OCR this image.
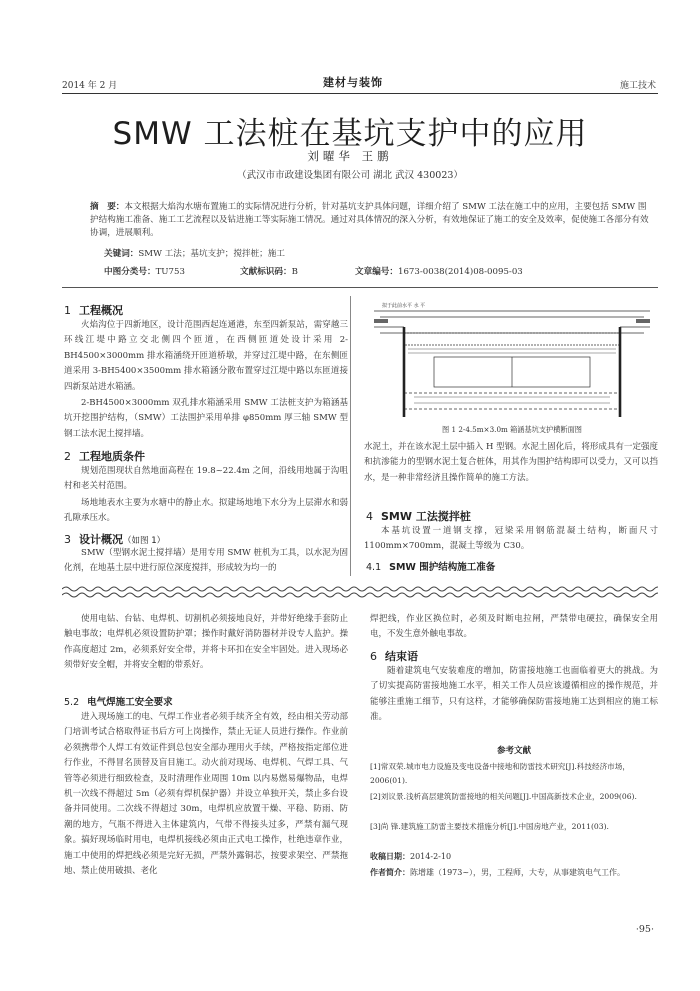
2014 年 2 月	建材与装饰	施工技术
SMW 工法桩在基坑支护中的应用
刘曜华 王鹏
（武汉市市政建设集团有限公司 湖北 武汉 430023）
摘　要：本文根据大焰沟水塘布置施工的实际情况进行分析，针对基坑支护具体问题，详细介绍了 SMW 工法在施工中的应用，主要包括 SMW 围护结构施工准备、施工工艺流程以及钻进施工等实际施工情况。通过对具体情况的深入分析，有效地保证了施工的安全及效率，促使施工各部分有效协调，进展顺利。
关键词：SMW 工法；基坑支护；搅拌桩；施工
中图分类号：TU753	文献标识码：B	文章编号：1673-0038(2014)08-0095-03
1 工程概况
火焰沟位于四新地区，设计范围西起连通港，东至四新泵站，需穿越三环线江堤中路立交北侧四个匝道，在西侧匝道处设计采用 2-BH4500×3000mm 排水箱涵绕开匝道桥墩，并穿过江堤中路，在东侧匝道采用 3-BH5400×3500mm 排水箱涵分散布置穿过江堤中路以东匝道接四新泵站进水箱涵。
2-BH4500×3000mm 双孔排水箱涵采用 SMW 工法桩支护为箱涵基坑开挖围护结构，（SMW）工法围护采用单排 φ850mm 厚三轴 SMW 型钢工法水泥土搅拌墙。
2 工程地质条件
规划范围现状自然地面高程在 19.8~22.4m 之间，沿线用地属于沟咀村和老关村范围。
场地地表水主要为水塘中的静止水。拟建场地地下水分为上层滞水和弱孔隙承压水。
3 设计概况（如图 1）
SMW（型钢水泥土搅拌墙）是用专用 SMW 桩机为工具，以水泥为固化剂，在地基土层中进行原位深度搅拌，形成较为均一的
拟于此前水平 水 平
图 1 2-4.5m×3.0m 箱涵基坑支护横断面图
水泥土，并在该水泥土层中插入 H 型钢。水泥土固化后，将形成具有一定强度和抗渗能力的型钢水泥土复合桩体，用其作为围护结构即可以受力，又可以挡水，是一种非常经济且操作简单的施工方法。
4 SMW 工法搅拌桩
本基坑设置一道钢支撑，冠梁采用钢筋混凝土结构，断面尺寸 1100mm×700mm，混凝土等级为 C30。
4.1 SMW 围护结构施工准备
使用电钻、台钻、电焊机、切割机必须接地良好，并带好绝缘手套防止触电事故；电焊机必须设置防护罩；操作时戴好消防器材并设专人监护。操作高度超过 2m，必须系好安全带，并将卡环扣在安全牢固处。进入现场必须带好安全帽，并将安全帽的带系好。
5.2 电气焊施工安全要求
进入现场施工的电、气焊工作业者必须手续齐全有效，经由相关劳动部门培训考试合格取得证书后方可上岗操作，禁止无证人员进行操作。作业前必须携带个人焊工有效证件到总包安全部办理用火手续，严格按指定部位进行作业，不得冒名顶替及盲目施工。动火前对现场、电焊机、气焊工具、气管等必须进行细致检查，及时清理作业周围 10m 以内易燃易爆物品，电焊机一次线不得超过 5m（必须有焊机保护器）并设立单独开关，禁止多台设备并同使用。二次线不得超过 30m，电焊机应放置干燥、平稳、防雨、防潮的地方，气瓶不得进入主体建筑内，气带不得接头过多，严禁有漏气现象。搞好现场临时用电，电焊机接线必须由正式电工操作，杜绝违章作业，施工中使用的焊把线必须是完好无损，严禁外露铜芯，按要求架空、严禁拖地、禁止使用破损、老化
焊把线，作业区换位时，必须及时断电拉闸，严禁带电硬拉，确保安全用电，不发生意外触电事故。
6 结束语
随着建筑电气安装难度的增加，防雷接地施工也面临着更大的挑战。为了切实提高防雷接地施工水平，相关工作人员应该遵循相应的操作规范，并能够注重施工细节，只有这样，才能够确保防雷接地施工达到相应的施工标准。
参考文献
[1]常双荣.城市电力设施及变电设备中接地和防雷技术研究[J].科技经济市场，2006(01).
[2]刘议景.浅析高层建筑防雷接地的相关问题[J].中国高新技术企业，2009(06).
[3]尚 锋.建筑施工防雷主要技术措施分析[J].中国房地产业，2011(03).
收稿日期：2014-2-10
作者简介：陈增雄（1973~），男，工程师，大专，从事建筑电气工作。
·95·
